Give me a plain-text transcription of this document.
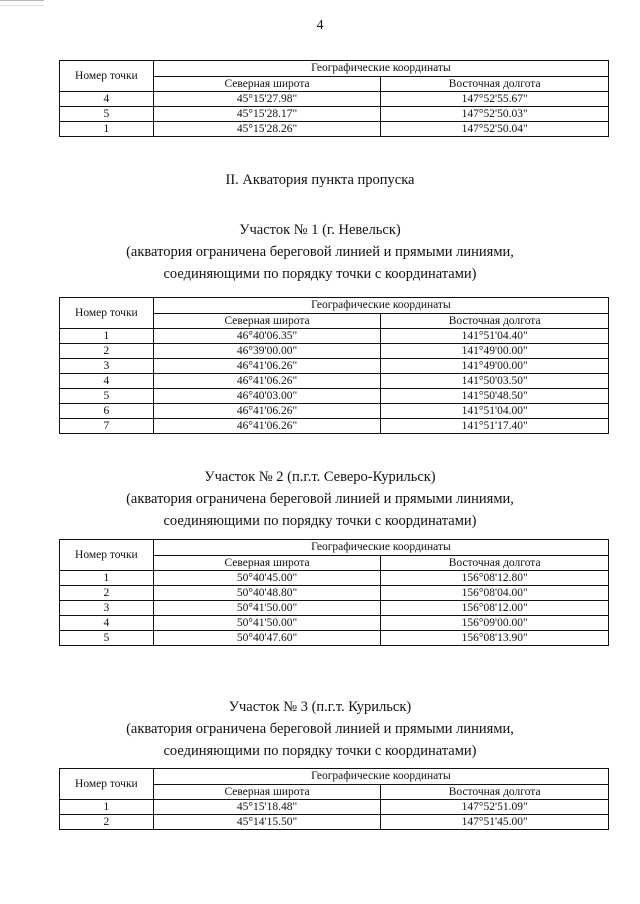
4
Номер точки	Географические координаты	
	Северная широта	Восточная долгота
4	45°15'27.98"	147°52'55.67"
5	45°15'28.17"	147°52'50.03"
1	45°15'28.26"	147°52'50.04"
II. Акватория пункта пропуска
Участок № 1 (г. Невельск)
(акватория ограничена береговой линией и прямыми линиями,
соединяющими по порядку точки с координатами)
Номер точки	Географические координаты	
	Северная широта	Восточная долгота
1	46°40'06.35"	141°51'04.40"
2	46°39'00.00"	141°49'00.00"
3	46°41'06.26"	141°49'00.00"
4	46°41'06.26"	141°50'03.50"
5	46°40'03.00"	141°50'48.50"
6	46°41'06.26"	141°51'04.00"
7	46°41'06.26"	141°51'17.40"
Участок № 2 (п.г.т. Северо-Курильск)
(акватория ограничена береговой линией и прямыми линиями,
соединяющими по порядку точки с координатами)
Номер точки	Географические координаты	
	Северная широта	Восточная долгота
1	50°40'45.00"	156°08'12.80"
2	50°40'48.80"	156°08'04.00"
3	50°41'50.00"	156°08'12.00"
4	50°41'50.00"	156°09'00.00"
5	50°40'47.60"	156°08'13.90"
Участок № 3 (п.г.т. Курильск)
(акватория ограничена береговой линией и прямыми линиями,
соединяющими по порядку точки с координатами)
Номер точки	Географические координаты	
	Северная широта	Восточная долгота
1	45°15'18.48"	147°52'51.09"
2	45°14'15.50"	147°51'45.00"
